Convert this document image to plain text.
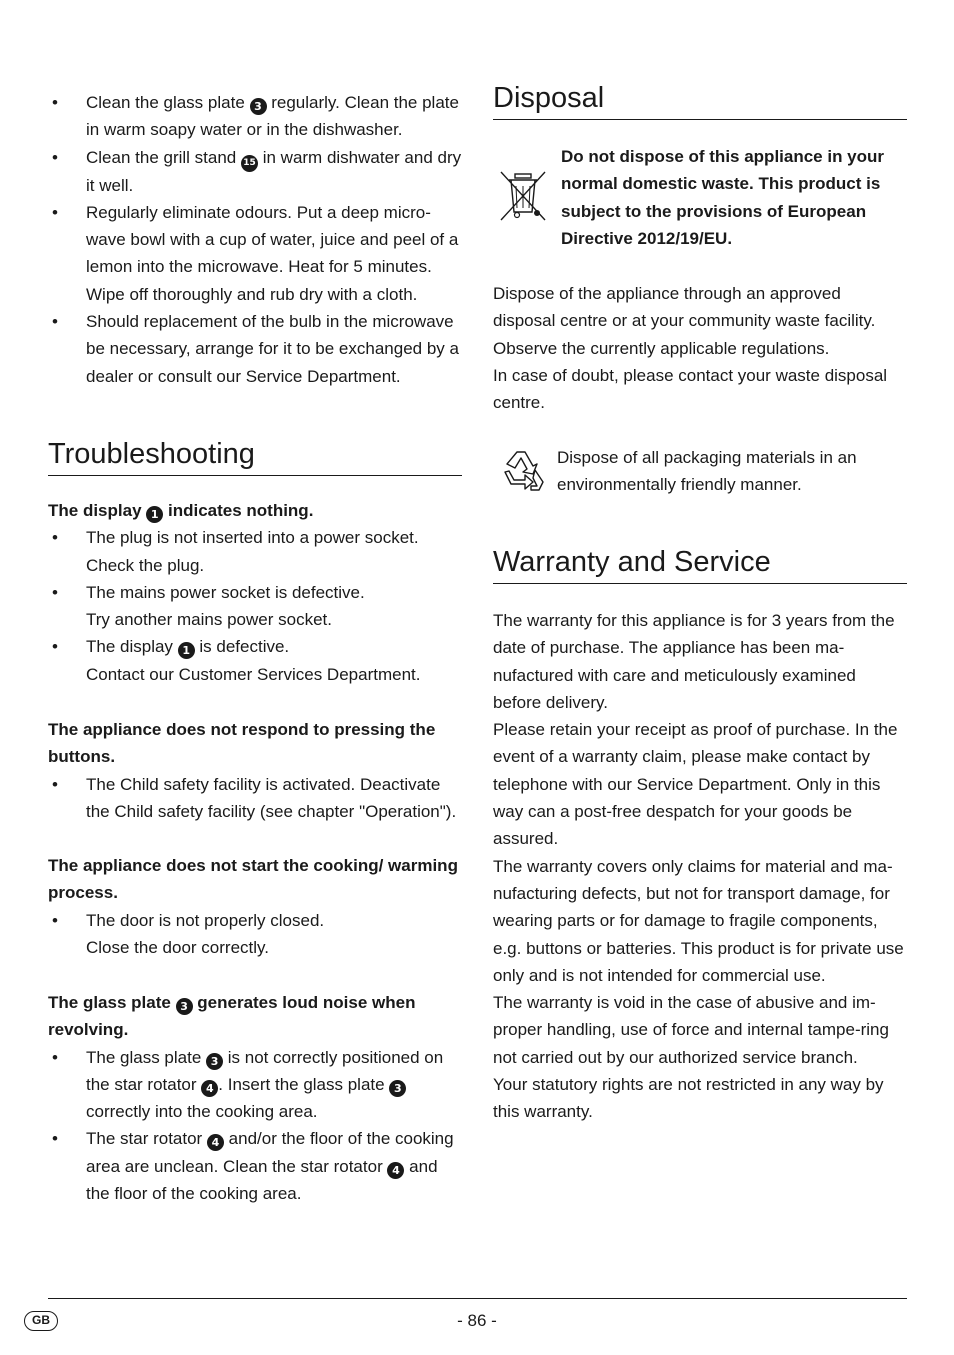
• Clean the glass plate 3 regularly. Clean the plate in warm soapy water or in the dishwasher.
• Clean the grill stand 15 in warm dishwater and dry it well.
• Regularly eliminate odours. Put a deep micro-wave bowl with a cup of water, juice and peel of a lemon into the microwave. Heat for 5 minutes. Wipe off thoroughly and rub dry with a cloth.
• Should replacement of the bulb in the microwave be necessary, arrange for it to be exchanged by a dealer or consult our Service Department.
Troubleshooting

The display 1 indicates nothing.

• The plug is not inserted into a power socket.
Check the plug.
• The mains power socket is defective.
Try another mains power socket.
• The display 1 is defective.
Contact our Customer Services Department.

The appliance does not respond to pressing the buttons.

• The Child safety facility is activated. Deactivate the Child safety facility (see chapter "Operation").

The appliance does not start the cooking/ warming process.

• The door is not properly closed.
Close the door correctly.

The glass plate 3 generates loud noise when revolving.

• The glass plate 3 is not correctly positioned on the star rotator 4 . Insert the glass plate 3 correctly into the cooking area.
• The star rotator 4 and/or the floor of the cooking area are unclean. Clean the star rotator 4 and the floor of the cooking area.
Disposal

Do not dispose of this appliance in your normal domestic waste. This product is subject to the provisions of European Directive 2012/19/EU.

Dispose of the appliance through an approved disposal centre or at your community waste facility.

Observe the currently applicable regulations.

In case of doubt, please contact your waste disposal centre.

Dispose of all packaging materials in an environmentally friendly manner.

Warranty and Service

The warranty for this appliance is for 3 years from the date of purchase. The appliance has been ma-nufactured with care and meticulously examined before delivery.

Please retain your receipt as proof of purchase. In the event of a warranty claim, please make contact by telephone with our Service Department. Only in this way can a post-free despatch for your goods be assured.

The warranty covers only claims for material and ma-nufacturing defects, but not for transport damage, for wearing parts or for damage to fragile components, e.g. buttons or batteries. This product is for private use only and is not intended for commercial use.

The warranty is void in the case of abusive and im-proper handling, use of force and internal tampe-ring not carried out by our authorized service branch.

Your statutory rights are not restricted in any way by this warranty.

GB	- 86 -
